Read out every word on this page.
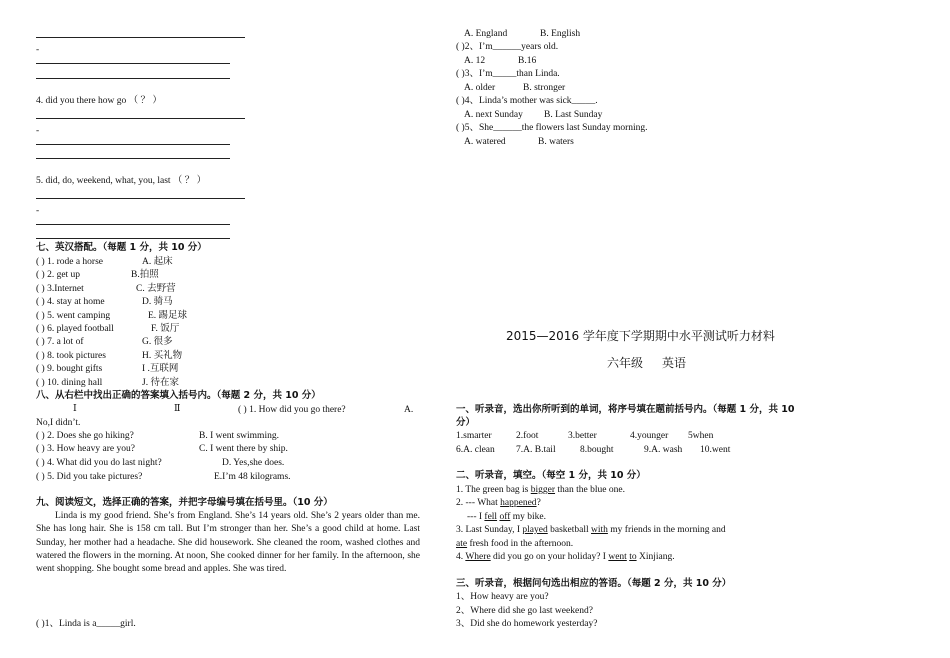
-
4. did you there how go （ ？ ）
-
5. did, do, weekend, what, you, last （ ？ ）
-
七、英汉搭配。（每题 1 分，共 10 分）
( ) 1. rode a horse	A. 起床
( ) 2. get up	B.拍照
( ) 3.Internet	C. 去野营
( ) 4. stay at home	D. 骑马
( ) 5. went camping	E. 踢足球
( ) 6. played football	F. 饭厅
( ) 7. a lot of	G. 很多
( ) 8. took pictures	H. 买礼物
( ) 9. bought gifts	I .互联网
( ) 10. dining hall	J. 待在家
八、从右栏中找出正确的答案填入括号内。（每题 2 分，共 10 分）
Ⅰ	Ⅱ	( ) 1. How did you go there?	A.
No,I didn’t.
( ) 2. Does she go hiking?	B. I went swimming.
( ) 3. How heavy are you?	C. I went there by ship.
( ) 4. What did you do last night?	D. Yes,she does.
( ) 5. Did you take pictures?	E.I’m 48 kilograms.
九、阅读短文，选择正确的答案，并把字母编号填在括号里。（10 分）
Linda is my good friend. She’s from England. She’s 14 years old. She’s 2 years older than me. She has long hair. She is 158 cm tall. But I’m stronger than her. She’s a good child at home. Last Sunday, her mother had a headache. She did housework. She cleaned the room, washed clothes and watered the flowers in the morning. At noon, She cooked dinner for her family. In the afternoon, she went shopping. She bought some bread and apples. She was tired.
( )1、Linda is a_____girl.
A. England	B. English
( )2、I’m______years old.
A. 12	B.16
( )3、I’m_____than Linda.
A. older	B. stronger
( )4、Linda’s mother was sick_____.
A. next Sunday B. Last Sunday
( )5、She______the flowers last Sunday morning.
A. watered	B. waters
2015—2016 学年度下学期期中水平测试听力材料
六年级 英语
一、听录音，选出你所听到的单词，将序号填在题前括号内。（每题 1 分，共 10
分）
1.smarter	2.foot	3.better	4.younger 5when
6.A. clean 7.A. B.tail	8.bought	9.A. wash 10.went
二、听录音，填空。（每空 1 分，共 10 分）
1. The green bag is bigger than the blue one.
2. --- What happened?
--- I fell off my bike.
3. Last Sunday, I played basketball with my friends in the morning and
ate fresh food in the afternoon.
4. Where did you go on your holiday? I went to Xinjiang.
三、听录音，根据问句选出相应的答语。（每题 2 分，共 10 分）
1、How heavy are you?
2、Where did she go last weekend?
3、Did she do homework yesterday?
